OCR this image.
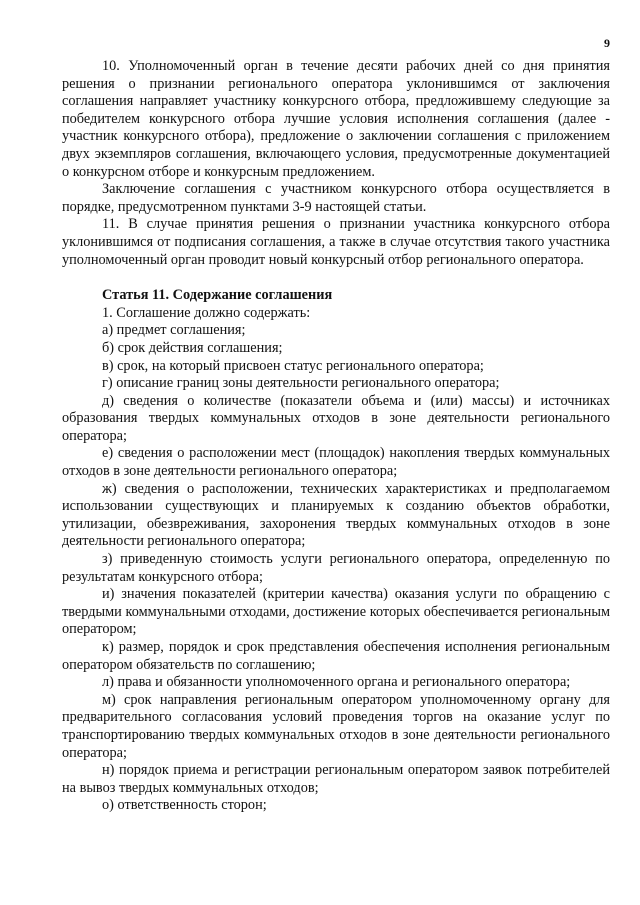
9

10. Уполномоченный орган в течение десяти рабочих дней со дня принятия решения о признании регионального оператора уклонившимся от заключения соглашения направляет участнику конкурсного отбора, предложившему следующие за победителем конкурсного отбора лучшие условия исполнения соглашения (далее - участник конкурсного отбора), предложение о заключении соглашения с приложением двух экземпляров соглашения, включающего условия, предусмотренные документацией о конкурсном отборе и конкурсным предложением.

Заключение соглашения с участником конкурсного отбора осуществляется в порядке, предусмотренном пунктами 3-9 настоящей статьи.

11. В случае принятия решения о признании участника конкурсного отбора уклонившимся от подписания соглашения, а также в случае отсутствия такого участника уполномоченный орган проводит новый конкурсный отбор регионального оператора.

Статья 11. Содержание соглашения

1. Соглашение должно содержать:

а) предмет соглашения;

б) срок действия соглашения;

в) срок, на который присвоен статус регионального оператора;

г) описание границ зоны деятельности регионального оператора;

д) сведения о количестве (показатели объема и (или) массы) и источниках образования твердых коммунальных отходов в зоне деятельности регионального оператора;

е) сведения о расположении мест (площадок) накопления твердых коммунальных отходов в зоне деятельности регионального оператора;

ж) сведения о расположении, технических характеристиках и предполагаемом использовании существующих и планируемых к созданию объектов обработки, утилизации, обезвреживания, захоронения твердых коммунальных отходов в зоне деятельности регионального оператора;

з) приведенную стоимость услуги регионального оператора, определенную по результатам конкурсного отбора;

и) значения показателей (критерии качества) оказания услуги по обращению с твердыми коммунальными отходами, достижение которых обеспечивается региональным оператором;

к) размер, порядок и срок представления обеспечения исполнения региональным оператором обязательств по соглашению;

л) права и обязанности уполномоченного органа и регионального оператора;

м) срок направления региональным оператором уполномоченному органу для предварительного согласования условий проведения торгов на оказание услуг по транспортированию твердых коммунальных отходов в зоне деятельности регионального оператора;

н) порядок приема и регистрации региональным оператором заявок потребителей на вывоз твердых коммунальных отходов;

о) ответственность сторон;
